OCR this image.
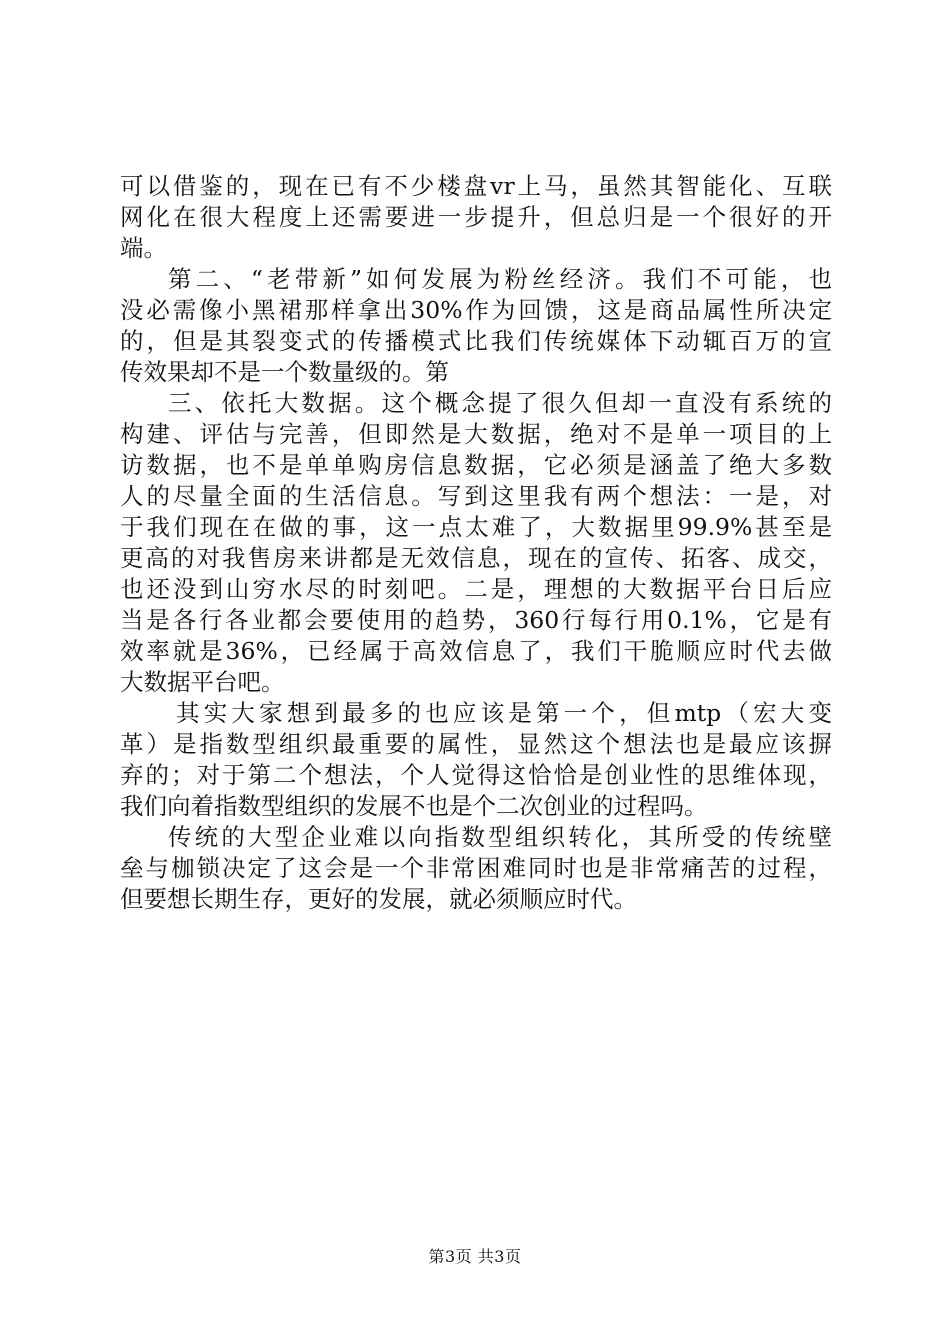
可以借鉴的，现在已有不少楼盘vr上马，虽然其智能化、互联
网化在很大程度上还需要进一步提升，但总归是一个很好的开
端。
第二、“老带新”如何发展为粉丝经济。我们不可能，也
没必需像小黑裙那样拿出30%作为回馈，这是商品属性所决定
的，但是其裂变式的传播模式比我们传统媒体下动辄百万的宣
传效果却不是一个数量级的。第
三、依托大数据。这个概念提了很久但却一直没有系统的
构建、评估与完善，但即然是大数据，绝对不是单一项目的上
访数据，也不是单单购房信息数据，它必须是涵盖了绝大多数
人的尽量全面的生活信息。写到这里我有两个想法：一是，对
于我们现在在做的事，这一点太难了，大数据里99.9%甚至是
更高的对我售房来讲都是无效信息，现在的宣传、拓客、成交，
也还没到山穷水尽的时刻吧。二是，理想的大数据平台日后应
当是各行各业都会要使用的趋势，360行每行用0.1%，它是有
效率就是36%，已经属于高效信息了，我们干脆顺应时代去做
大数据平台吧。
其实大家想到最多的也应该是第一个，但mtp（宏大变
革）是指数型组织最重要的属性，显然这个想法也是最应该摒
弃的；对于第二个想法，个人觉得这恰恰是创业性的思维体现，
我们向着指数型组织的发展不也是个二次创业的过程吗。
传统的大型企业难以向指数型组织转化，其所受的传统壁
垒与枷锁决定了这会是一个非常困难同时也是非常痛苦的过程，
但要想长期生存，更好的发展，就必须顺应时代。
第3页 共3页
